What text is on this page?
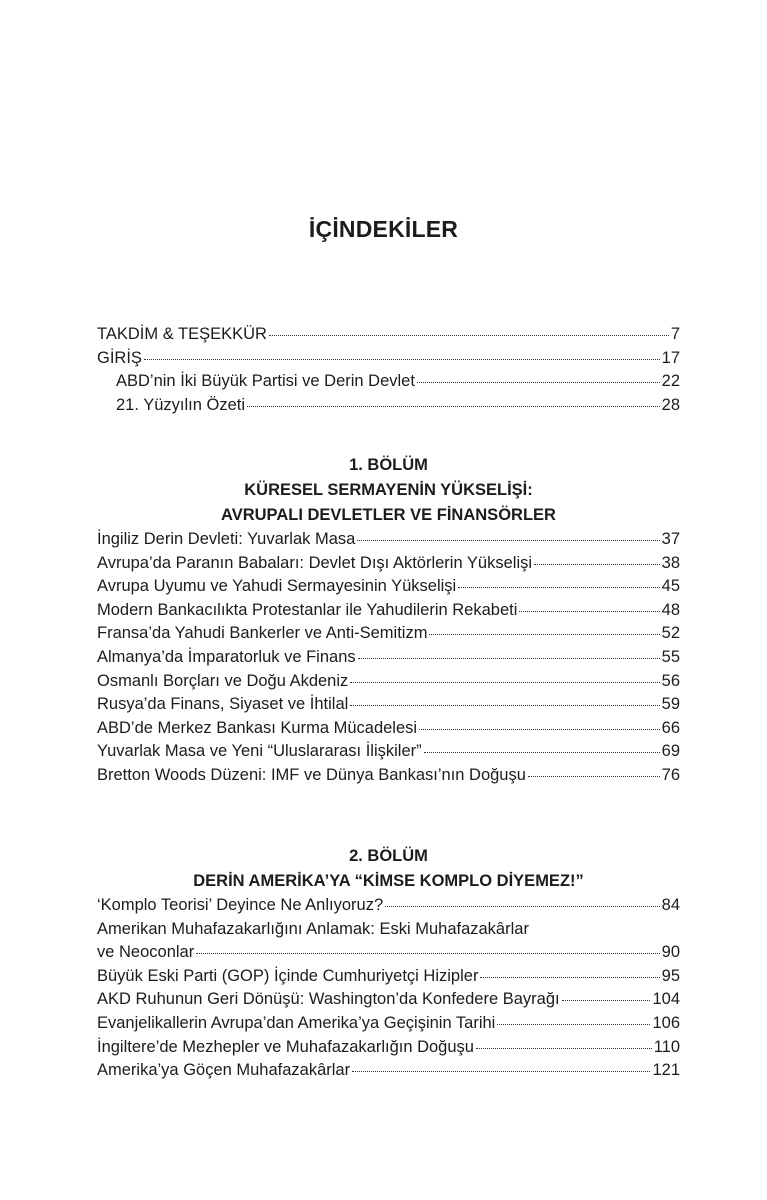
İÇİNDEKİLER
TAKDİM & TEŞEKKÜR	7
GİRİŞ	17
ABD’nin İki Büyük Partisi ve Derin Devlet	22
21. Yüzyılın Özeti	28
1. BÖLÜM
KÜRESEL SERMAYENİN YÜKSELİŞİ:
AVRUPALI DEVLETLER VE FİNANSÖRLER
İngiliz Derin Devleti: Yuvarlak Masa	37
Avrupa’da Paranın Babaları: Devlet Dışı Aktörlerin Yükselişi	38
Avrupa Uyumu ve Yahudi Sermayesinin Yükselişi	45
Modern Bankacılıkta Protestanlar ile Yahudilerin Rekabeti	48
Fransa’da Yahudi Bankerler ve Anti-Semitizm	52
Almanya’da İmparatorluk ve Finans	55
Osmanlı Borçları ve Doğu Akdeniz	56
Rusya’da Finans, Siyaset ve İhtilal	59
ABD’de Merkez Bankası Kurma Mücadelesi	66
Yuvarlak Masa ve Yeni “Uluslararası İlişkiler”	69
Bretton Woods Düzeni: IMF ve Dünya Bankası’nın Doğuşu	76
2. BÖLÜM
DERİN AMERİKA’YA “KİMSE KOMPLO DİYEMEZ!”
‘Komplo Teorisi’ Deyince Ne Anlıyoruz?	84
Amerikan Muhafazakarlığını Anlamak: Eski Muhafazakârlar
ve Neoconlar	90
Büyük Eski Parti (GOP) İçinde Cumhuriyetçi Hizipler	95
AKD Ruhunun Geri Dönüşü: Washington’da Konfedere Bayrağı	104
Evanjelikallerin Avrupa’dan Amerika’ya Geçişinin Tarihi	106
İngiltere’de Mezhepler ve Muhafazakarlığın Doğuşu	110
Amerika’ya Göçen Muhafazakârlar	121
